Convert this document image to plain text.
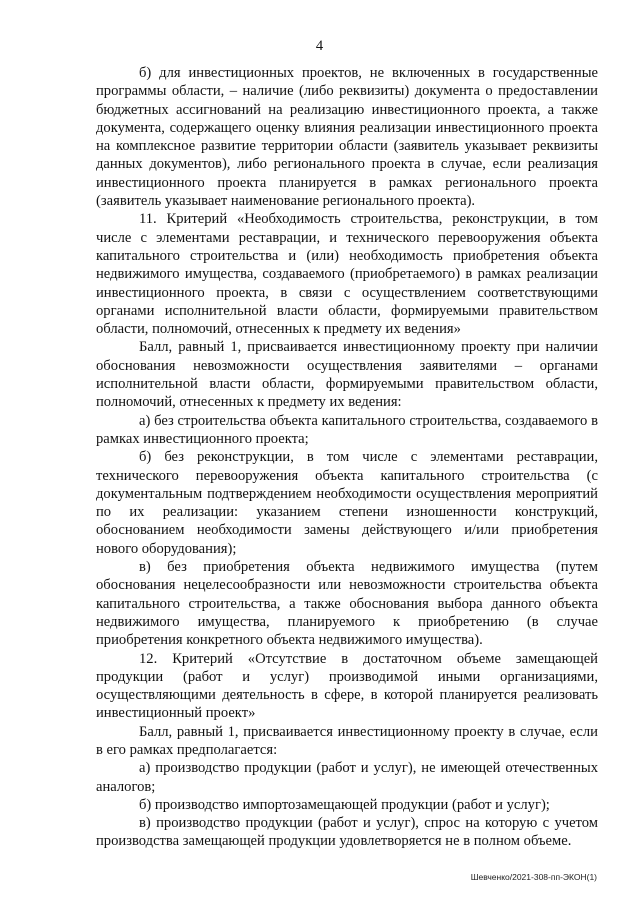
4

б) для инвестиционных проектов, не включенных в государственные программы области, – наличие (либо реквизиты) документа о предоставлении бюджетных ассигнований на реализацию инвестиционного проекта, а также документа, содержащего оценку влияния реализации инвестиционного проекта на комплексное развитие территории области (заявитель указывает реквизиты данных документов), либо регионального проекта в случае, если реализация инвестиционного проекта планируется в рамках регионального проекта (заявитель указывает наименование регионального проекта).

11. Критерий «Необходимость строительства, реконструкции, в том числе с элементами реставрации, и технического перевооружения объекта капитального строительства и (или) необходимость приобретения объекта недвижимого имущества, создаваемого (приобретаемого) в рамках реализации инвестиционного проекта, в связи с осуществлением соответствующими органами исполнительной власти области, формируемыми правительством области, полномочий, отнесенных к предмету их ведения»

Балл, равный 1, присваивается инвестиционному проекту при наличии обоснования невозможности осуществления заявителями – органами исполнительной власти области, формируемыми правительством области, полномочий, отнесенных к предмету их ведения:

а) без строительства объекта капитального строительства, создаваемого в рамках инвестиционного проекта;

б) без реконструкции, в том числе с элементами реставрации, технического перевооружения объекта капитального строительства (с документальным подтверждением необходимости осуществления мероприятий по их реализации: указанием степени изношенности конструкций, обоснованием необходимости замены действующего и/или приобретения нового оборудования);

в) без приобретения объекта недвижимого имущества (путем обоснования нецелесообразности или невозможности строительства объекта капитального строительства, а также обоснования выбора данного объекта недвижимого имущества, планируемого к приобретению (в случае приобретения конкретного объекта недвижимого имущества).

12. Критерий «Отсутствие в достаточном объеме замещающей продукции (работ и услуг) производимой иными организациями, осуществляющими деятельность в сфере, в которой планируется реализовать инвестиционный проект»

Балл, равный 1, присваивается инвестиционному проекту в случае, если в его рамках предполагается:

а) производство продукции (работ и услуг), не имеющей отечественных аналогов;

б) производство импортозамещающей продукции (работ и услуг);

в) производство продукции (работ и услуг), спрос на которую с учетом производства замещающей продукции удовлетворяется не в полном объеме.

Шевченко/2021-308-пп-ЭКОН(1)
